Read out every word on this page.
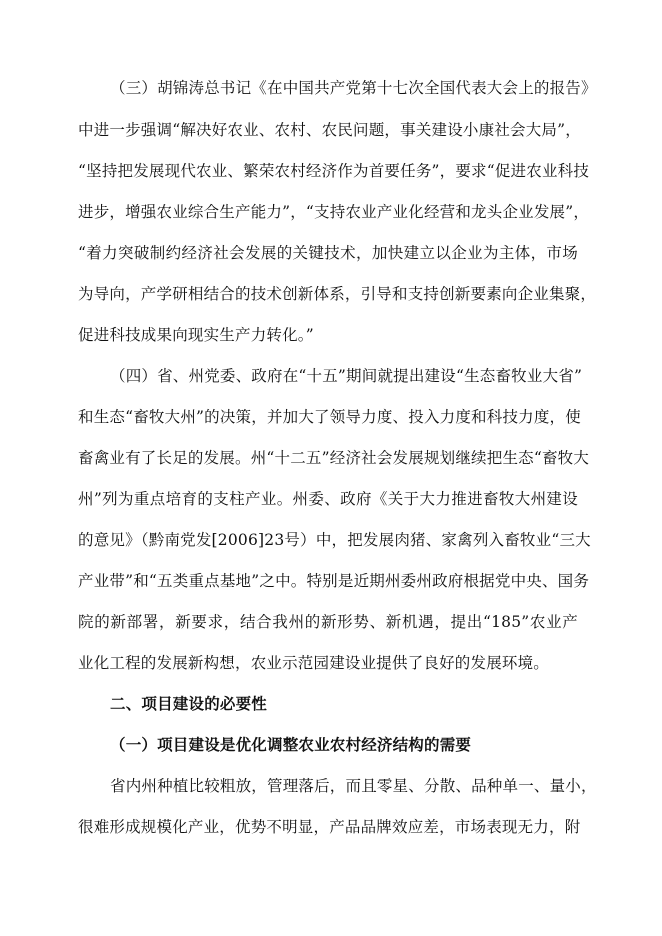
（三）胡锦涛总书记《在中国共产党第十七次全国代表大会上的报告》
中进一步强调“解决好农业、农村、农民问题，事关建设小康社会大局”，
“坚持把发展现代农业、繁荣农村经济作为首要任务”，要求“促进农业科技
进步，增强农业综合生产能力”，“支持农业产业化经营和龙头企业发展”，
“着力突破制约经济社会发展的关键技术，加快建立以企业为主体，市场
为导向，产学研相结合的技术创新体系，引导和支持创新要素向企业集聚，
促进科技成果向现实生产力转化。”
（四）省、州党委、政府在“十五”期间就提出建设“生态畜牧业大省”
和生态“畜牧大州”的决策，并加大了领导力度、投入力度和科技力度，使
畜禽业有了长足的发展。州“十二五”经济社会发展规划继续把生态“畜牧大
州”列为重点培育的支柱产业。州委、政府《关于大力推进畜牧大州建设
的意见》（黔南党发[2006]23号）中，把发展肉猪、家禽列入畜牧业“三大
产业带”和“五类重点基地”之中。特别是近期州委州政府根据党中央、国务
院的新部署，新要求，结合我州的新形势、新机遇，提出“185”农业产
业化工程的发展新构想，农业示范园建设业提供了良好的发展环境。
二、项目建设的必要性
（一）项目建设是优化调整农业农村经济结构的需要
省内州种植比较粗放，管理落后，而且零星、分散、品种单一、量小，
很难形成规模化产业，优势不明显，产品品牌效应差，市场表现无力，附
